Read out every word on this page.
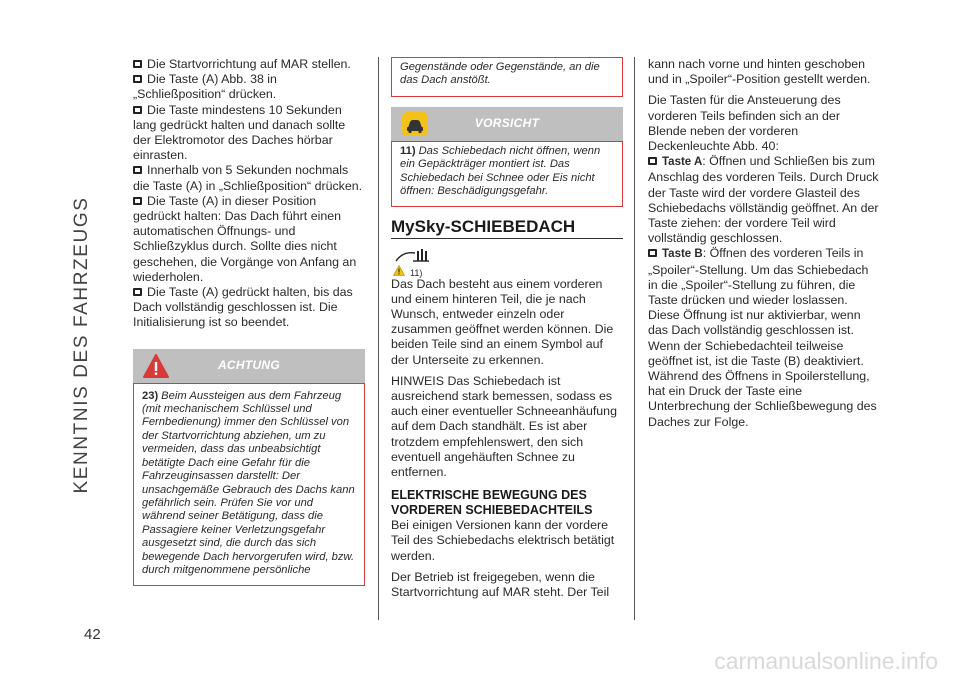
KENNTNIS DES FAHRZEUGS
42

Die Startvorrichtung auf MAR stellen.

Die Taste (A) Abb. 38 in „Schließposition“ drücken.

Die Taste mindestens 10 Sekunden lang gedrückt halten und danach sollte der Elektromotor des Daches hörbar einrasten.

Innerhalb von 5 Sekunden nochmals die Taste (A) in „Schließposition“ drücken.

Die Taste (A) in dieser Position gedrückt halten: Das Dach führt einen automatischen Öffnungs- und Schließzyklus durch. Sollte dies nicht geschehen, die Vorgänge von Anfang an wiederholen.

Die Taste (A) gedrückt halten, bis das Dach vollständig geschlossen ist. Die Initialisierung ist so beendet.

ACHTUNG
23) Beim Aussteigen aus dem Fahrzeug (mit mechanischem Schlüssel und Fernbedienung) immer den Schlüssel von der Startvorrichtung abziehen, um zu vermeiden, dass das unbeabsichtigt betätigte Dach eine Gefahr für die Fahrzeuginsassen darstellt: Der unsachgemäße Gebrauch des Dachs kann gefährlich sein. Prüfen Sie vor und während seiner Betätigung, dass die Passagiere keiner Verletzungsgefahr ausgesetzt sind, die durch das sich bewegende Dach hervorgerufen wird, bzw. durch mitgenommene persönliche
Gegenstände oder Gegenstände, an die das Dach anstößt.
VORSICHT
11) Das Schiebedach nicht öffnen, wenn ein Gepäckträger montiert ist. Das Schiebedach bei Schnee oder Eis nicht öffnen: Beschädigungsgefahr.
MySky-SCHIEBEDACH
11)

Das Dach besteht aus einem vorderen und einem hinteren Teil, die je nach Wunsch, entweder einzeln oder zusammen geöffnet werden können. Die beiden Teile sind an einem Symbol auf der Unterseite zu erkennen.

HINWEIS Das Schiebedach ist ausreichend stark bemessen, sodass es auch einer eventueller Schneeanhäufung auf dem Dach standhält. Es ist aber trotzdem empfehlenswert, den sich eventuell angehäuften Schnee zu entfernen.

ELEKTRISCHE BEWEGUNG DES VORDEREN SCHIEBEDACHTEILS

Bei einigen Versionen kann der vordere Teil des Schiebedachs elektrisch betätigt werden.

Der Betrieb ist freigegeben, wenn die Startvorrichtung auf MAR steht. Der Teil

kann nach vorne und hinten geschoben und in „Spoiler“-Position gestellt werden.

Die Tasten für die Ansteuerung des vorderen Teils befinden sich an der Blende neben der vorderen Deckenleuchte Abb. 40:

Taste A: Öffnen und Schließen bis zum Anschlag des vorderen Teils. Durch Druck der Taste wird der vordere Glasteil des Schiebedachs völlständig geöffnet. An der Taste ziehen: der vordere Teil wird vollständig geschlossen.

Taste B: Öffnen des vorderen Teils in „Spoiler“-Stellung. Um das Schiebedach in die „Spoiler“-Stellung zu führen, die Taste drücken und wieder loslassen. Diese Öffnung ist nur aktivierbar, wenn das Dach vollständig geschlossen ist. Wenn der Schiebedachteil teilweise geöffnet ist, ist die Taste (B) deaktiviert. Während des Öffnens in Spoilerstellung, hat ein Druck der Taste eine Unterbrechung der Schließbewegung des Daches zur Folge.

carmanualsonline.info
